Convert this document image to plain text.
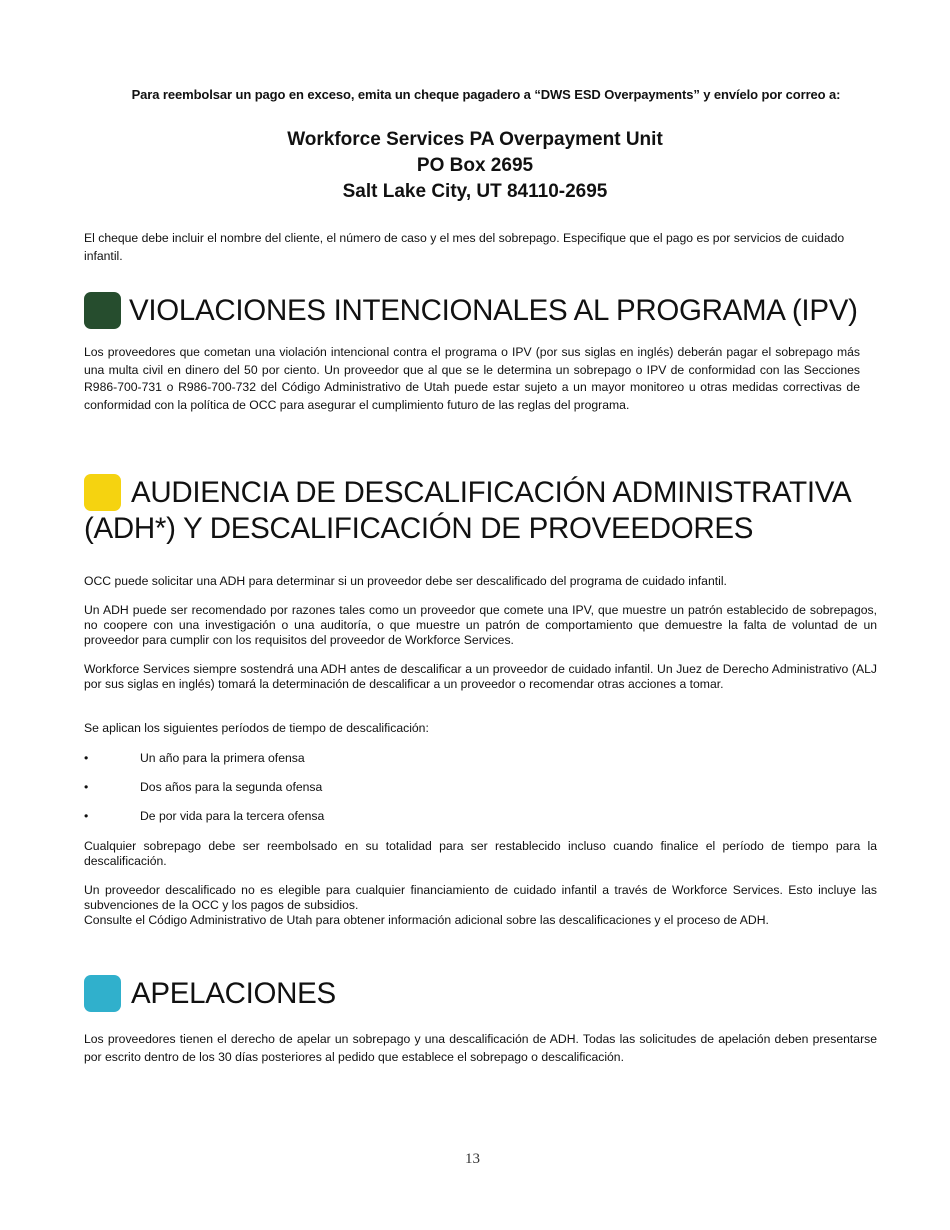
Para reembolsar un pago en exceso, emita un cheque pagadero a “DWS ESD Overpayments” y envíelo por correo a:
Workforce Services PA Overpayment Unit
PO Box 2695
Salt Lake City, UT 84110-2695

El cheque debe incluir el nombre del cliente, el número de caso y el mes del sobrepago. Especifique que el pago es por servicios de cuidado infantil.

VIOLACIONES INTENCIONALES AL PROGRAMA (IPV)

Los proveedores que cometan una violación intencional contra el programa o IPV (por sus siglas en inglés) deberán pagar el sobrepago más una multa civil en dinero del 50 por ciento. Un proveedor que al que se le determina un sobrepago o IPV de conformidad con las Secciones R986-700-731 o R986-700-732 del Código Administrativo de Utah puede estar sujeto a un mayor monitoreo u otras medidas correctivas de conformidad con la política de OCC para asegurar el cumplimiento futuro de las reglas del programa.

AUDIENCIA DE DESCALIFICACIÓN ADMINISTRATIVA
(ADH*) Y DESCALIFICACIÓN DE PROVEEDORES

OCC puede solicitar una ADH para determinar si un proveedor debe ser descalificado del programa de cuidado infantil.

Un ADH puede ser recomendado por razones tales como un proveedor que comete una IPV, que muestre un patrón establecido de sobrepagos, no coopere con una investigación o una auditoría, o que muestre un patrón de comportamiento que demuestre la falta de voluntad de un proveedor para cumplir con los requisitos del proveedor de Workforce Services.

Workforce Services siempre sostendrá una ADH antes de descalificar a un proveedor de cuidado infantil. Un Juez de Derecho Administrativo (ALJ por sus siglas en inglés) tomará la determinación de descalificar a un proveedor o recomendar otras acciones a tomar.

Se aplican los siguientes períodos de tiempo de descalificación:

•	Un año para la primera ofensa
•	Dos años para la segunda ofensa
•	De por vida para la tercera ofensa

Cualquier sobrepago debe ser reembolsado en su totalidad para ser restablecido incluso cuando finalice el período de tiempo para la descalificación.

Un proveedor descalificado no es elegible para cualquier financiamiento de cuidado infantil a través de Workforce Services. Esto incluye las subvenciones de la OCC y los pagos de subsidios.

Consulte el Código Administrativo de Utah para obtener información adicional sobre las descalificaciones y el proceso de ADH.

APELACIONES

Los proveedores tienen el derecho de apelar un sobrepago y una descalificación de ADH. Todas las solicitudes de apelación deben presentarse por escrito dentro de los 30 días posteriores al pedido que establece el sobrepago o descalificación.

13
